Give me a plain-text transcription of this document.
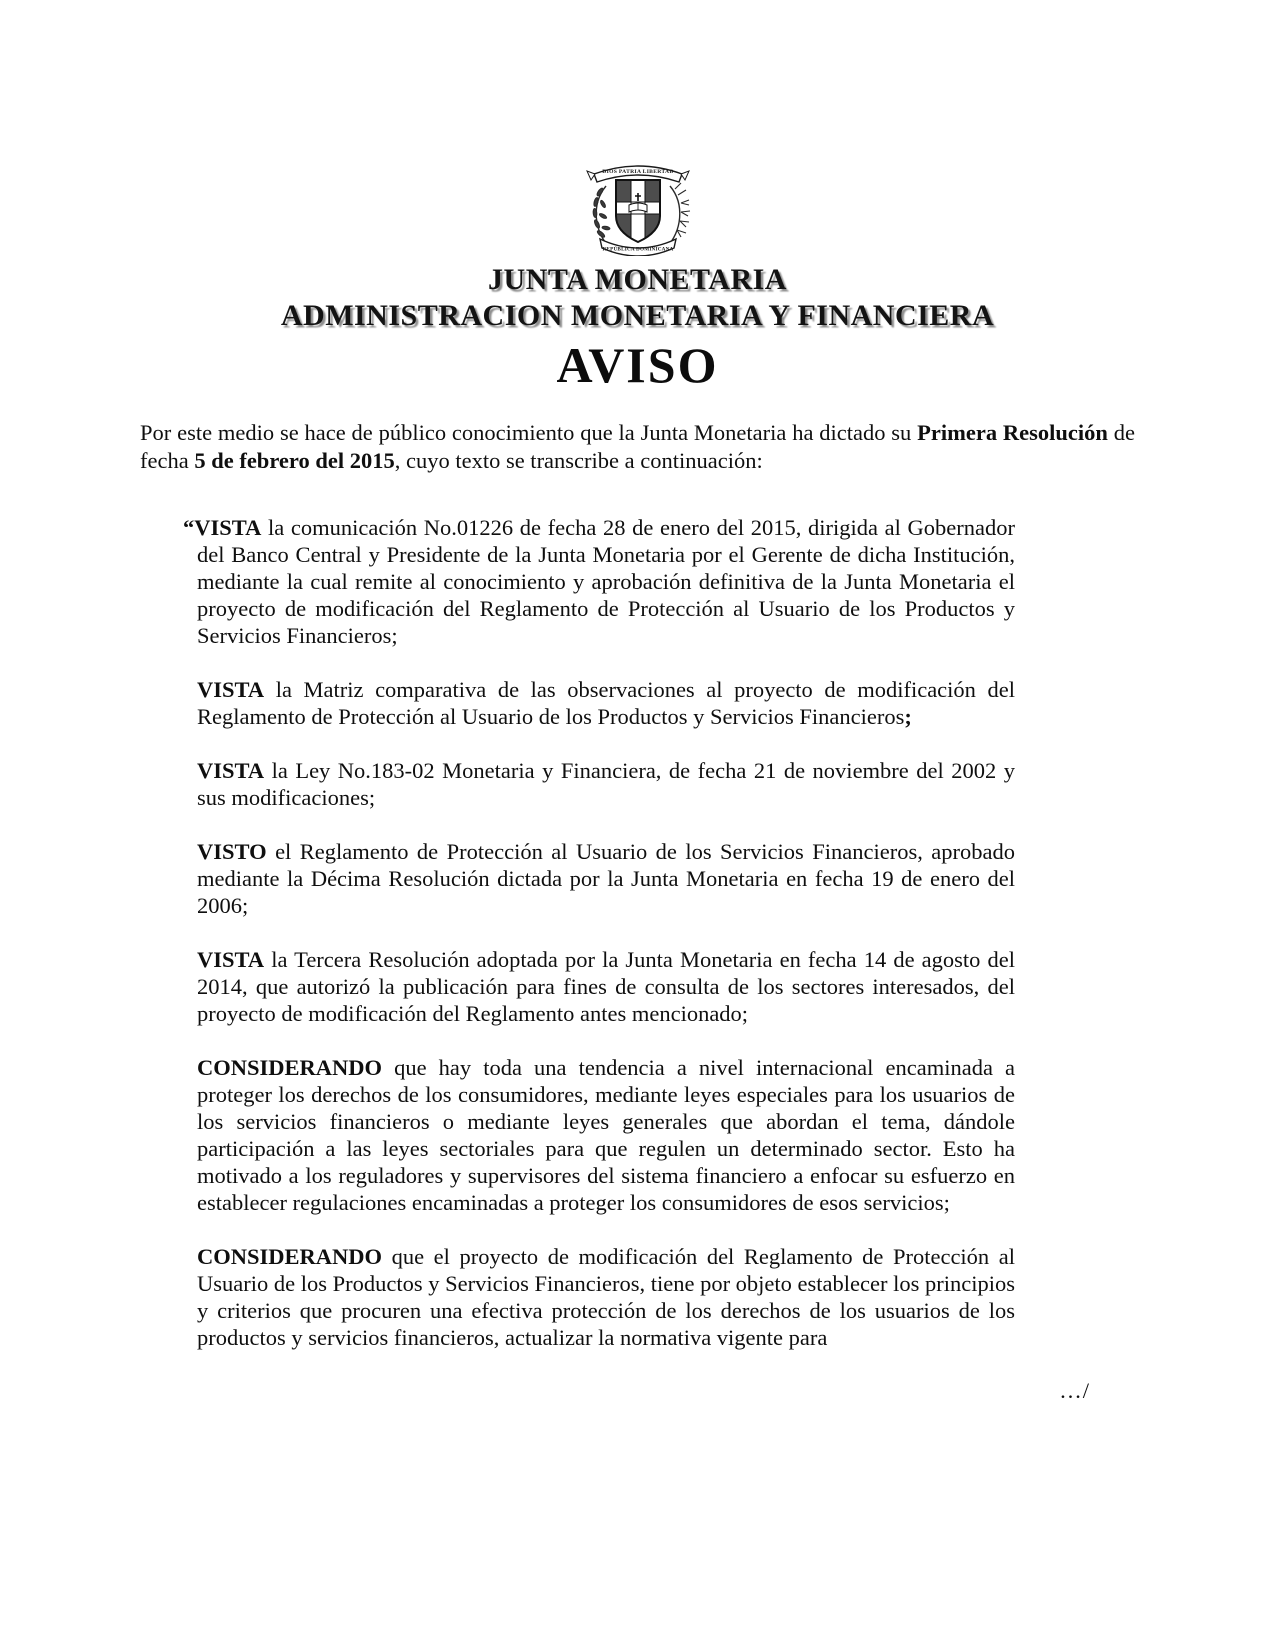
DIOS PATRIA LIBERTAD
REPÚBLICA DOMINICANA
JUNTA MONETARIA
ADMINISTRACION MONETARIA Y FINANCIERA
AVISO

Por este medio se hace de público conocimiento que la Junta Monetaria ha dictado su Primera Resolución de fecha 5 de febrero del 2015, cuyo texto se transcribe a continuación:

“VISTA la comunicación No.01226 de fecha 28 de enero del 2015, dirigida al Gobernador del Banco Central y Presidente de la Junta Monetaria por el Gerente de dicha Institución, mediante la cual remite al conocimiento y aprobación definitiva de la Junta Monetaria el proyecto de modificación del Reglamento de Protección al Usuario de los Productos y Servicios Financieros;

VISTA la Matriz comparativa de las observaciones al proyecto de modificación del Reglamento de Protección al Usuario de los Productos y Servicios Financieros;

VISTA la Ley No.183-02 Monetaria y Financiera, de fecha 21 de noviembre del 2002 y sus modificaciones;

VISTO el Reglamento de Protección al Usuario de los Servicios Financieros, aprobado mediante la Décima Resolución dictada por la Junta Monetaria en fecha 19 de enero del 2006;

VISTA la Tercera Resolución adoptada por la Junta Monetaria en fecha 14 de agosto del 2014, que autorizó la publicación para fines de consulta de los sectores interesados, del proyecto de modificación del Reglamento antes mencionado;

CONSIDERANDO que hay toda una tendencia a nivel internacional encaminada a proteger los derechos de los consumidores, mediante leyes especiales para los usuarios de los servicios financieros o mediante leyes generales que abordan el tema, dándole participación a las leyes sectoriales para que regulen un determinado sector. Esto ha motivado a los reguladores y supervisores del sistema financiero a enfocar su esfuerzo en establecer regulaciones encaminadas a proteger los consumidores de esos servicios;

CONSIDERANDO que el proyecto de modificación del Reglamento de Protección al Usuario de los Productos y Servicios Financieros, tiene por objeto establecer los principios y criterios que procuren una efectiva protección de los derechos de los usuarios de los productos y servicios financieros, actualizar la normativa vigente para

…/
